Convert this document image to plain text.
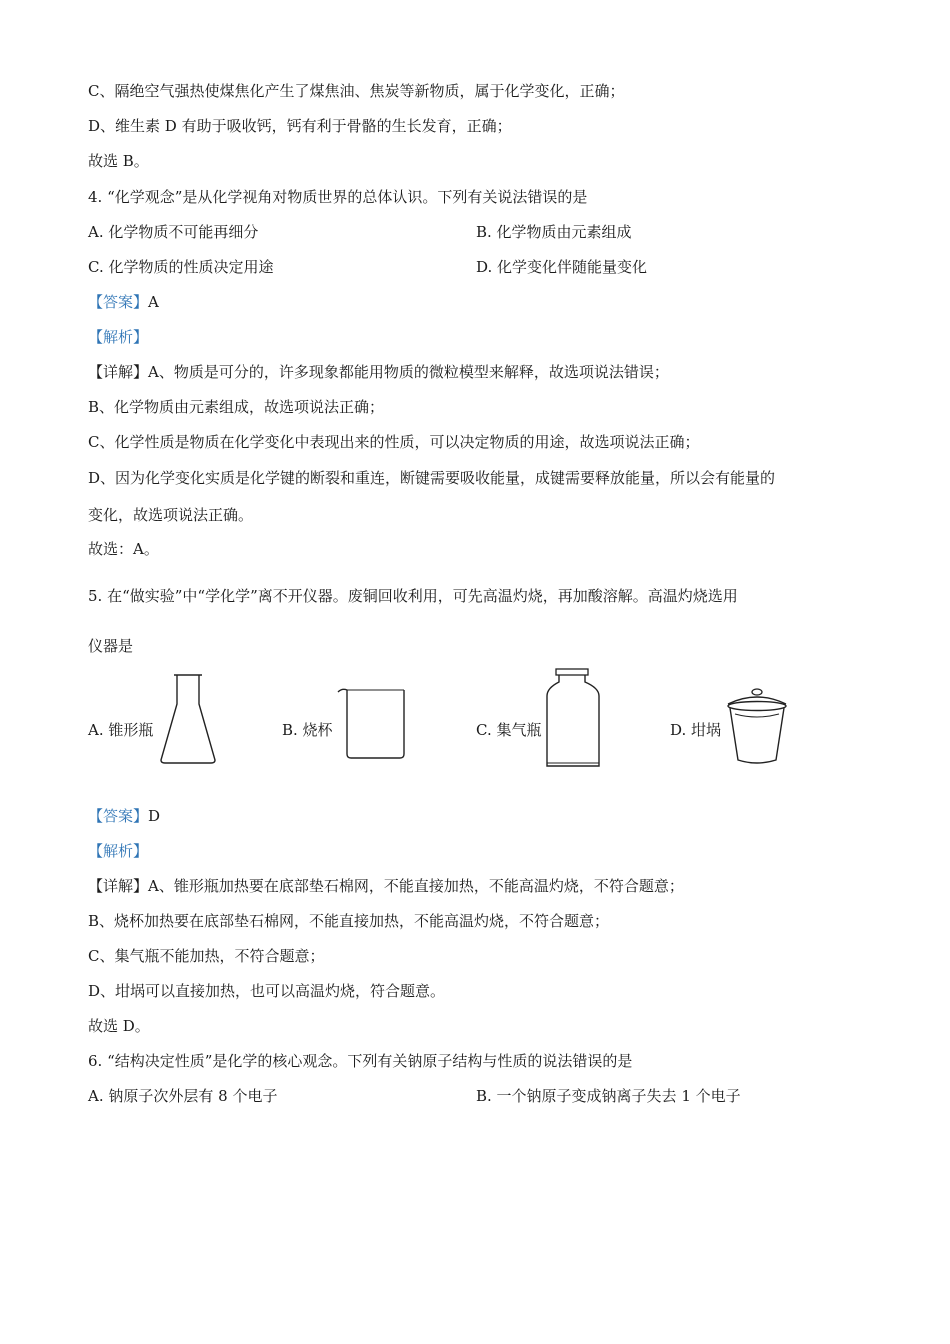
C、隔绝空气强热使煤焦化产生了煤焦油、焦炭等新物质，属于化学变化，正确；
D、维生素 D 有助于吸收钙，钙有利于骨骼的生长发育，正确；
故选 B。
4. “化学观念”是从化学视角对物质世界的总体认识。下列有关说法错误的是
A. 化学物质不可能再细分	B. 化学物质由元素组成
C. 化学物质的性质决定用途	D. 化学变化伴随能量变化
【答案】A
【解析】
【详解】A、物质是可分的，许多现象都能用物质的微粒模型来解释，故选项说法错误；
B、化学物质由元素组成，故选项说法正确；
C、化学性质是物质在化学变化中表现出来的性质，可以决定物质的用途，故选项说法正确；
D、因为化学变化实质是化学键的断裂和重连，断键需要吸收能量，成键需要释放能量，所以会有能量的
变化，故选项说法正确。
故选：A。
5. 在“做实验”中“学化学”离不开仪器。废铜回收利用，可先高温灼烧，再加酸溶解。高温灼烧选用
仪器是
A. 锥形瓶	B. 烧杯	C. 集气瓶	D. 坩埚
【答案】D
【解析】
【详解】A、锥形瓶加热要在底部垫石棉网，不能直接加热，不能高温灼烧，不符合题意；
B、烧杯加热要在底部垫石棉网，不能直接加热，不能高温灼烧，不符合题意；
C、集气瓶不能加热，不符合题意；
D、坩埚可以直接加热，也可以高温灼烧，符合题意。
故选 D。
6. “结构决定性质”是化学的核心观念。下列有关钠原子结构与性质的说法错误的是
A. 钠原子次外层有 8 个电子	B. 一个钠原子变成钠离子失去 1 个电子
